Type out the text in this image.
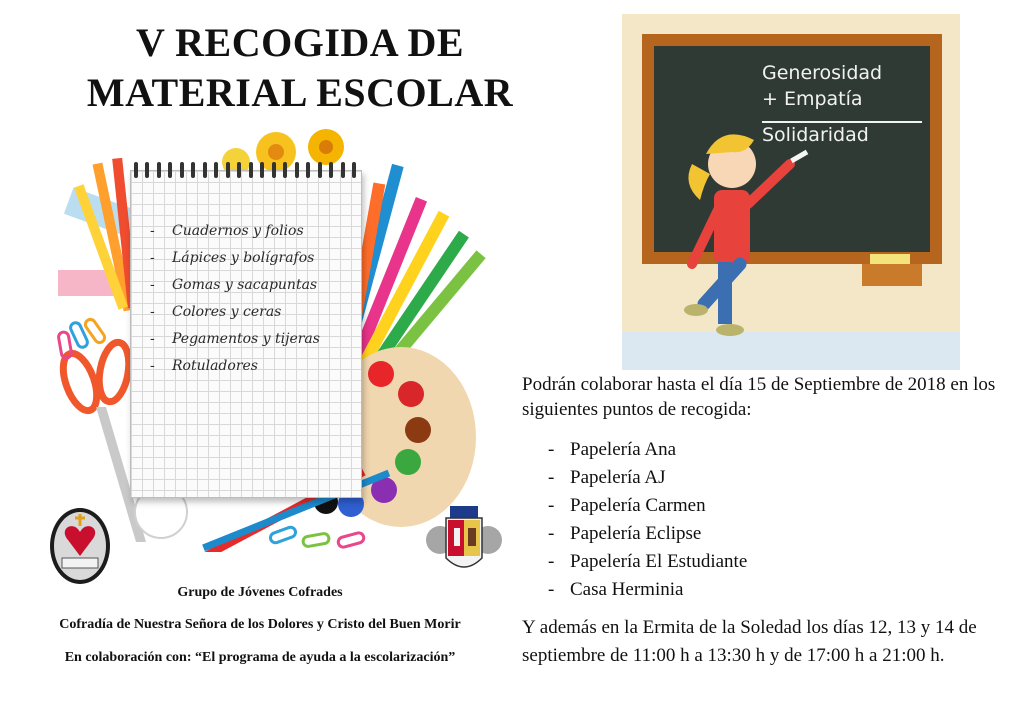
V RECOGIDA DE
MATERIAL ESCOLAR
- Cuadernos y folios
- Lápices y bolígrafos
- Gomas y sacapuntas
- Colores y ceras
- Pegamentos y tijeras
- Rotuladores
Grupo de Jóvenes Cofrades
Cofradía de Nuestra Señora de los Dolores y Cristo del Buen Morir
En colaboración con: “El programa de ayuda a la escolarización”
Generosidad
+ Empatía
Solidaridad
Podrán colaborar hasta el día 15 de Septiembre de 2018 en los siguientes puntos de recogida:
- Papelería Ana
- Papelería AJ
- Papelería Carmen
- Papelería Eclipse
- Papelería El Estudiante
- Casa Herminia
Y además en la Ermita de la Soledad los días 12, 13 y 14 de septiembre de 11:00 h a 13:30 h y de 17:00 h a 21:00 h.
